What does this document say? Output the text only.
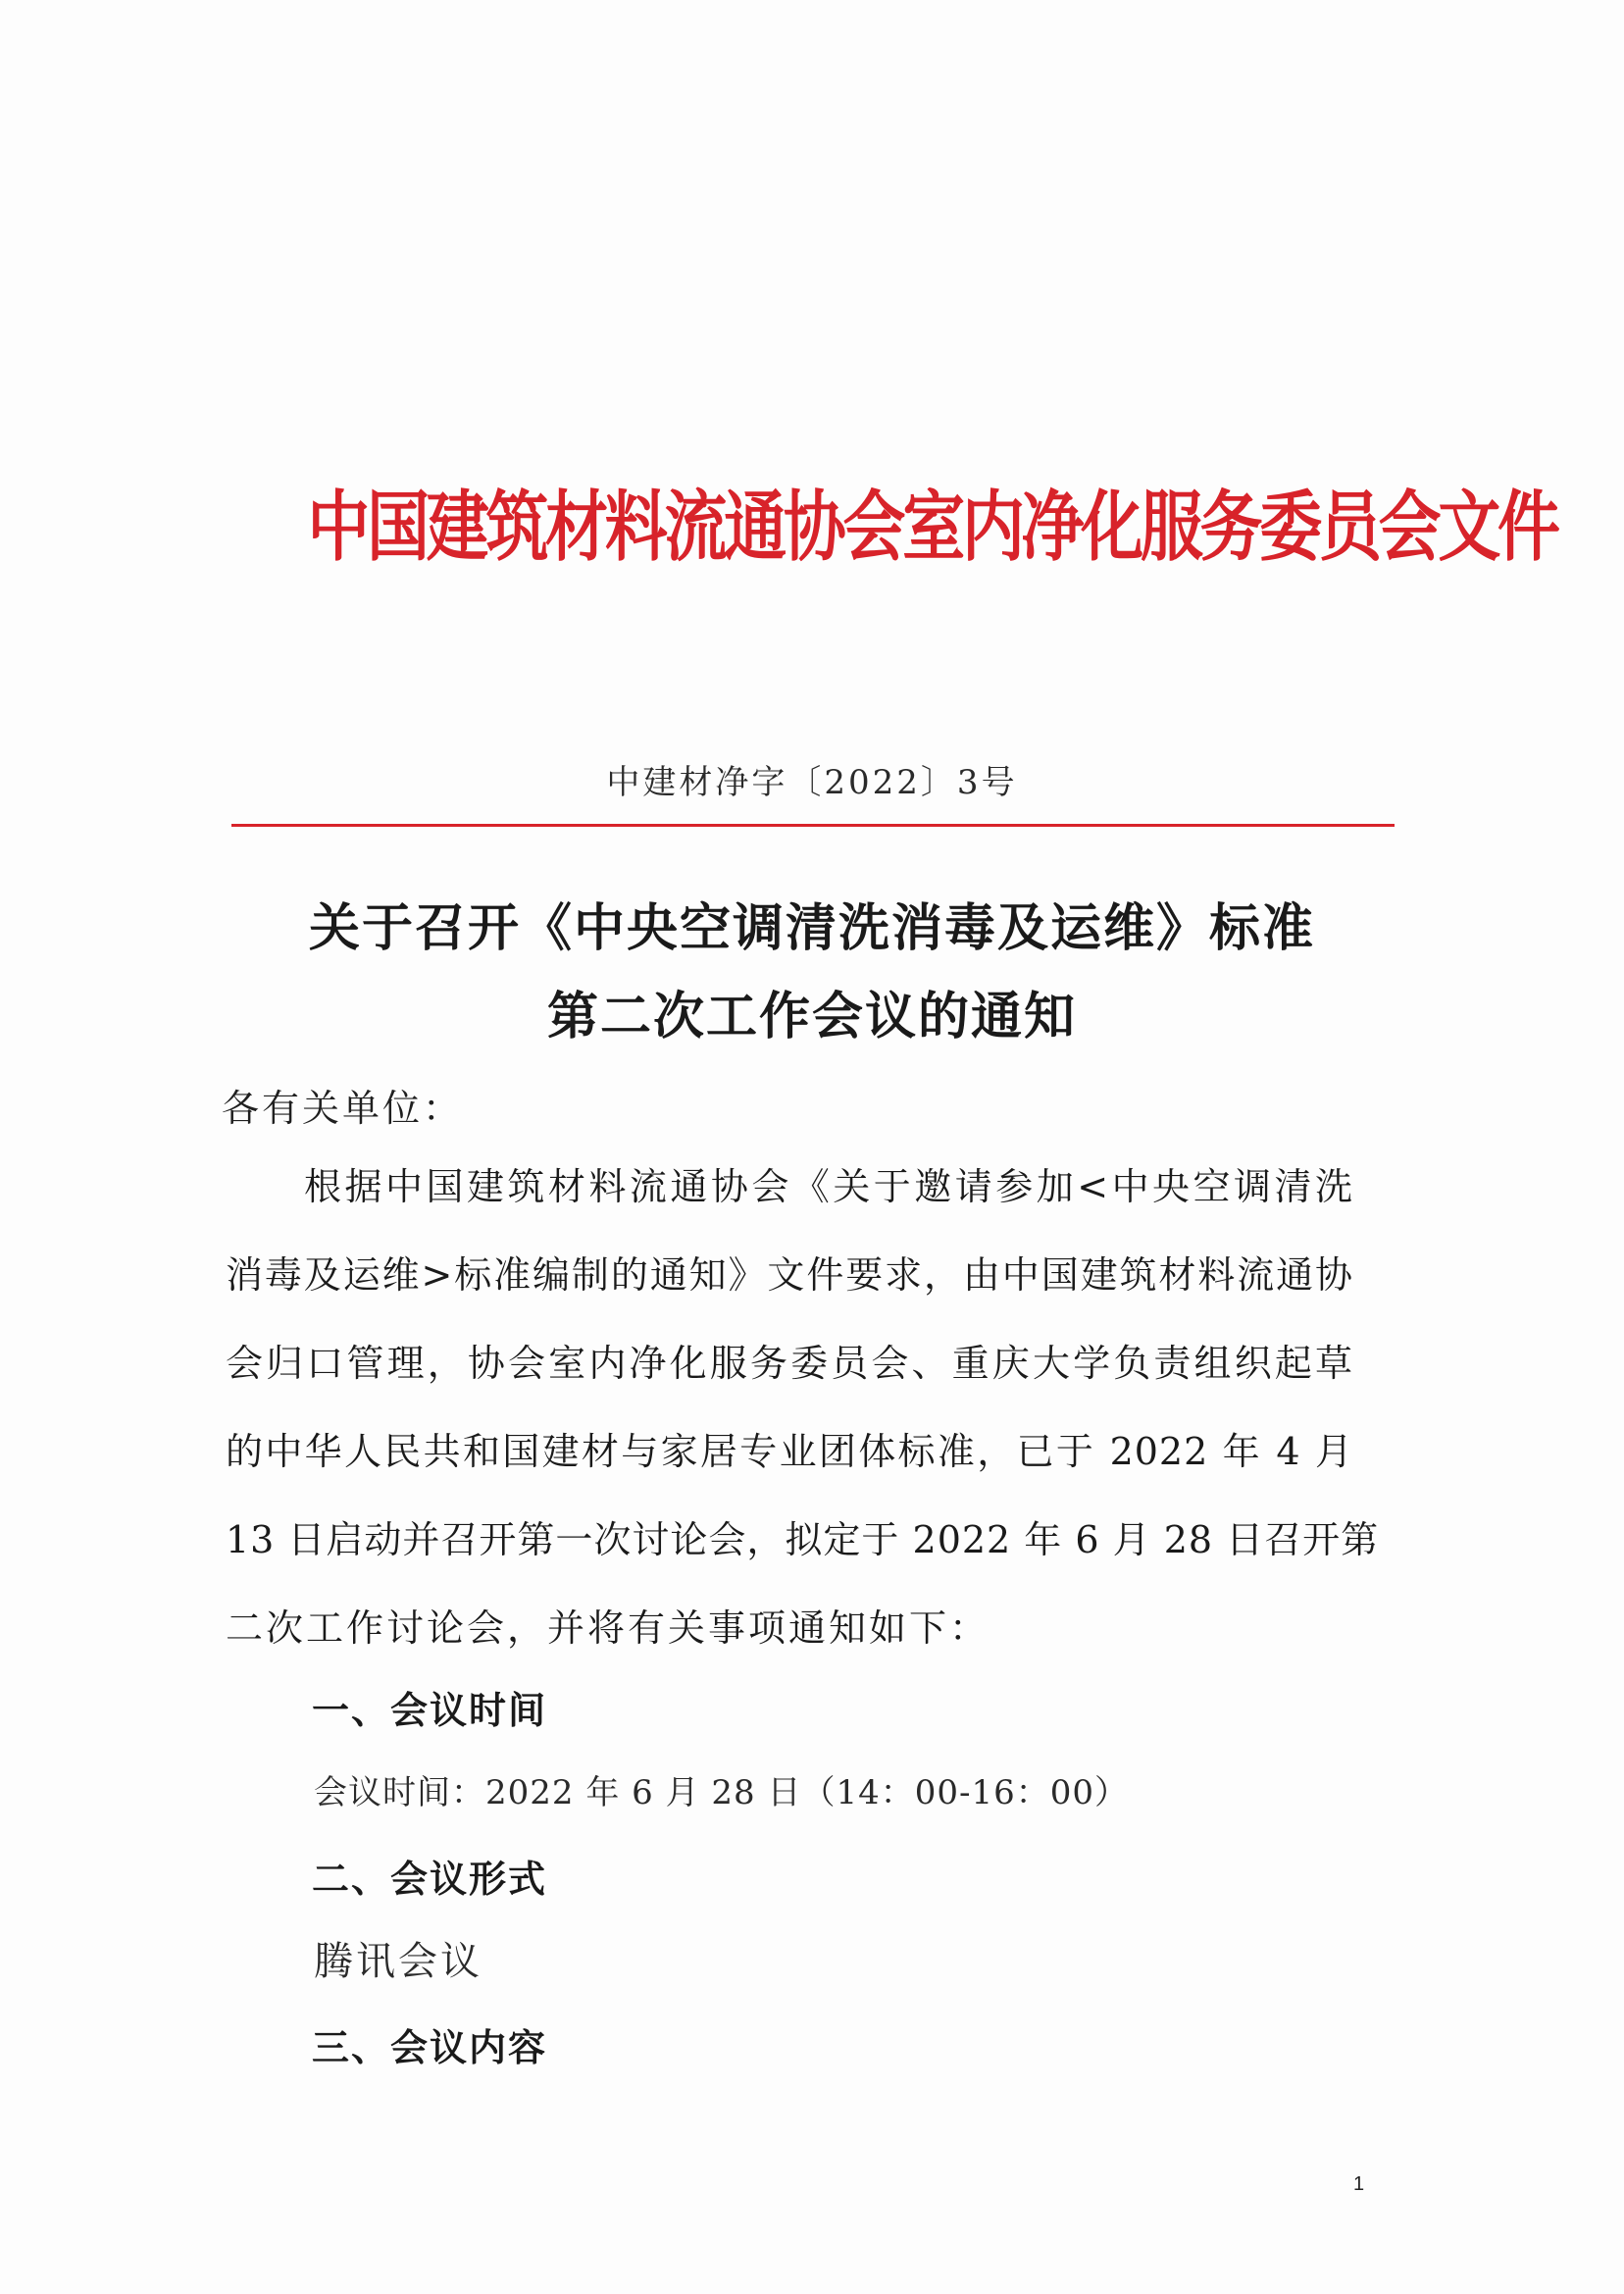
中国建筑材料流通协会室内净化服务委员会文件
中建材净字〔2022〕3号
关于召开《中央空调清洗消毒及运维》标准
第二次工作会议的通知
各有关单位：
根据中国建筑材料流通协会《关于邀请参加<中央空调清洗
消毒及运维>标准编制的通知》文件要求，由中国建筑材料流通协
会归口管理，协会室内净化服务委员会、重庆大学负责组织起草
的中华人民共和国建材与家居专业团体标准，已于 2022 年 4 月
13 日启动并召开第一次讨论会，拟定于 2022 年 6 月 28 日召开第
二次工作讨论会，并将有关事项通知如下：
一、会议时间
会议时间：2022 年 6 月 28 日（14：00-16：00）
二、会议形式
腾讯会议
三、会议内容
1
